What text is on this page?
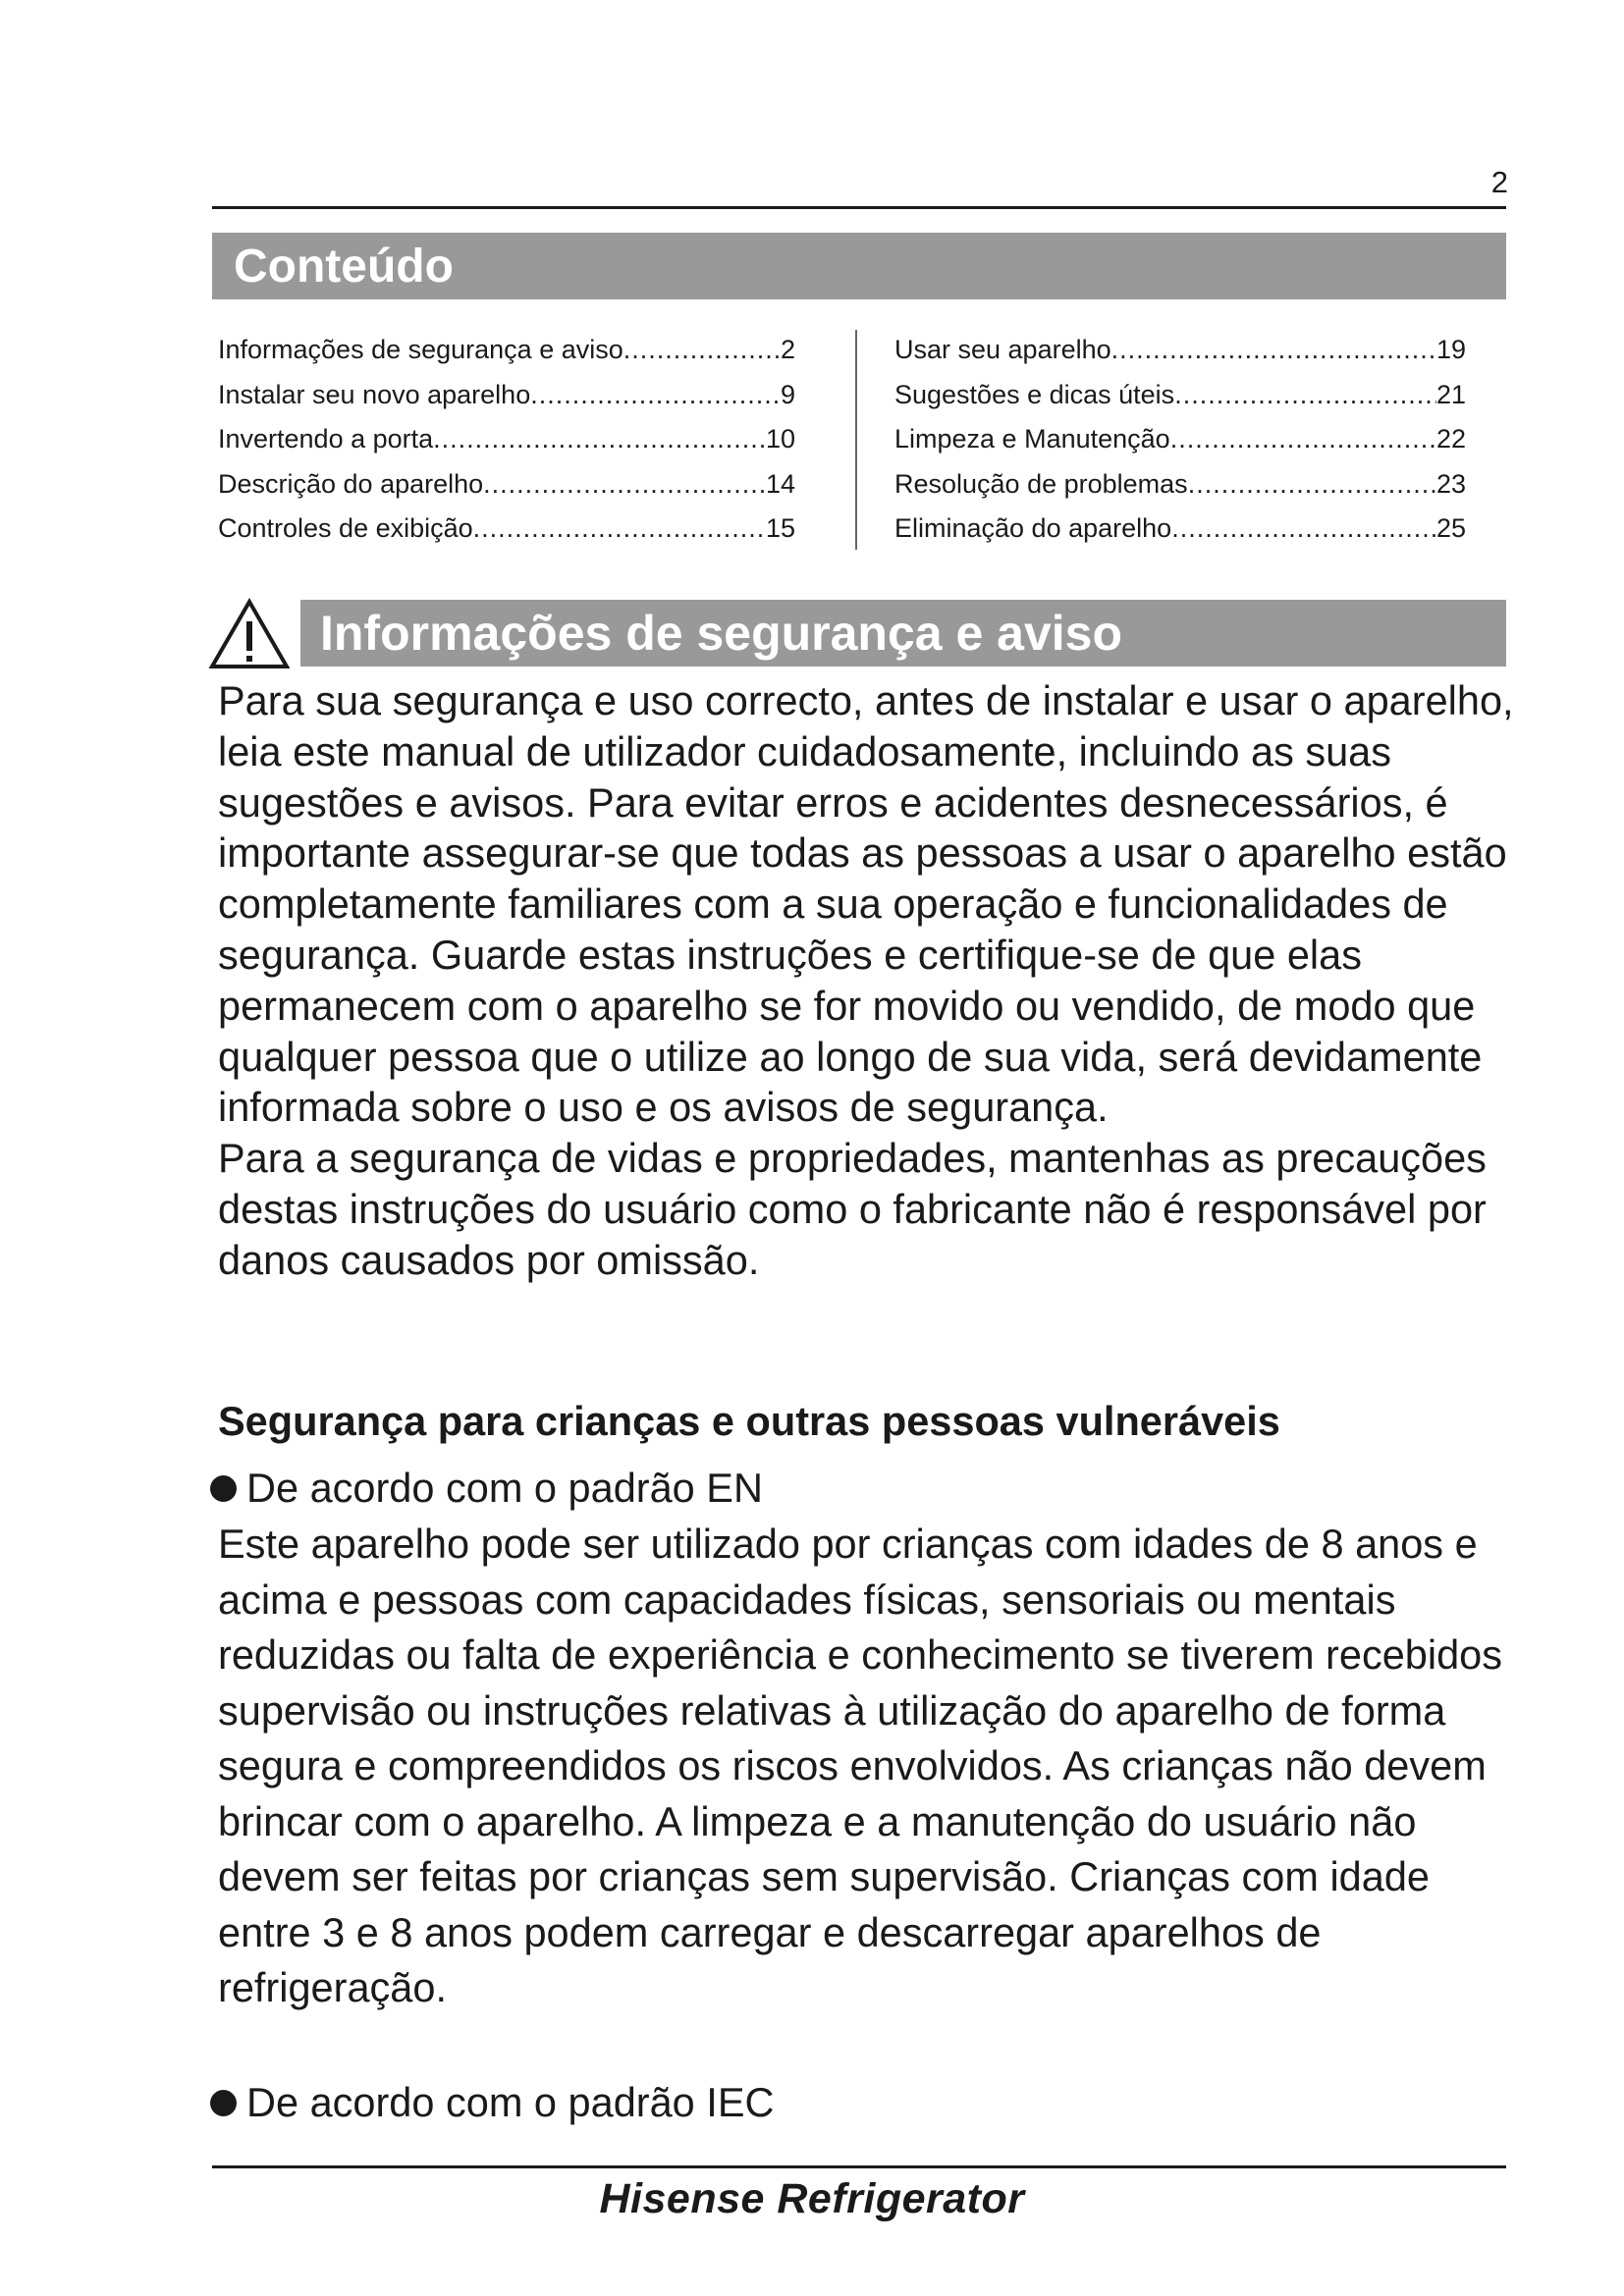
2
Conteúdo
Informações de segurança e aviso .....	2
Instalar seu novo aparelho .....	9
Invertendo a porta .....	10
Descrição do aparelho .....	14
Controles de exibição .....	15
Usar seu aparelho .....	19
Sugestões e dicas úteis .....	21
Limpeza e Manutenção .....	22
Resolução de problemas .....	23
Eliminação do aparelho .....	25
Informações de segurança e aviso

Para sua segurança e uso correcto, antes de instalar e usar o aparelho, leia este manual de utilizador cuidadosamente, incluindo as suas sugestões e avisos. Para evitar erros e acidentes desnecessários, é importante assegurar-se que todas as pessoas a usar o aparelho estão completamente familiares com a sua operação e funcionalidades de segurança. Guarde estas instruções e certifique-se de que elas permanecem com o aparelho se for movido ou vendido, de modo que qualquer pessoa que o utilize ao longo de sua vida, será devidamente informada sobre o uso e os avisos de segurança.

Para a segurança de vidas e propriedades, mantenhas as precauções destas instruções do usuário como o fabricante não é responsável por danos causados por omissão.

Segurança para crianças e outras pessoas vulneráveis
De acordo com o padrão EN
Este aparelho pode ser utilizado por crianças com idades de 8 anos e acima e pessoas com capacidades físicas, sensoriais ou mentais reduzidas ou falta de experiência e conhecimento se tiverem recebidos supervisão ou instruções relativas à utilização do aparelho de forma segura e compreendidos os riscos envolvidos. As crianças não devem brincar com o aparelho. A limpeza e a manutenção do usuário não devem ser feitas por crianças sem supervisão. Crianças com idade entre 3 e 8 anos podem carregar e descarregar aparelhos de refrigeração.
De acordo com o padrão IEC
Hisense Refrigerator
